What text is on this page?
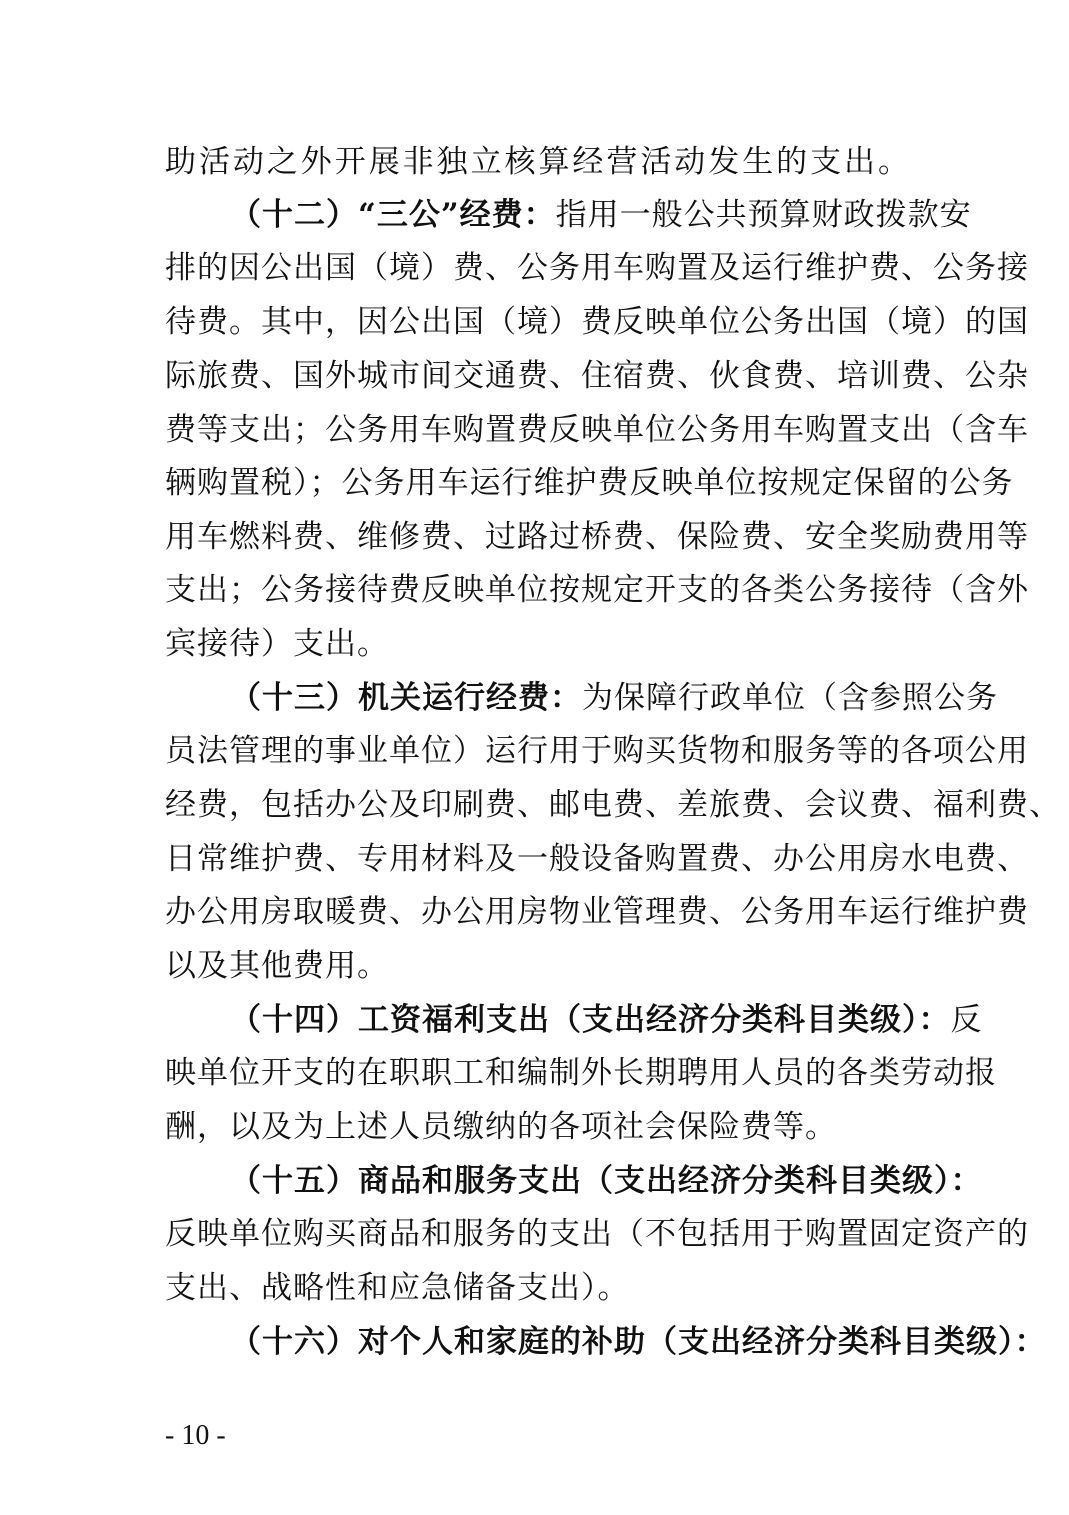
助活动之外开展非独立核算经营活动发生的支出。
（十二）“三公”经费：指用一般公共预算财政拨款安
排的因公出国（境）费、公务用车购置及运行维护费、公务接
待费。其中，因公出国（境）费反映单位公务出国（境）的国
际旅费、国外城市间交通费、住宿费、伙食费、培训费、公杂
费等支出；公务用车购置费反映单位公务用车购置支出（含车
辆购置税）；公务用车运行维护费反映单位按规定保留的公务
用车燃料费、维修费、过路过桥费、保险费、安全奖励费用等
支出；公务接待费反映单位按规定开支的各类公务接待（含外
宾接待）支出。
（十三）机关运行经费：为保障行政单位（含参照公务
员法管理的事业单位）运行用于购买货物和服务等的各项公用
经费，包括办公及印刷费、邮电费、差旅费、会议费、福利费、
日常维护费、专用材料及一般设备购置费、办公用房水电费、
办公用房取暖费、办公用房物业管理费、公务用车运行维护费
以及其他费用。
（十四）工资福利支出（支出经济分类科目类级）：反
映单位开支的在职职工和编制外长期聘用人员的各类劳动报
酬，以及为上述人员缴纳的各项社会保险费等。
（十五）商品和服务支出（支出经济分类科目类级）：
反映单位购买商品和服务的支出（不包括用于购置固定资产的
支出、战略性和应急储备支出）。
（十六）对个人和家庭的补助（支出经济分类科目类级）：
- 10 -
